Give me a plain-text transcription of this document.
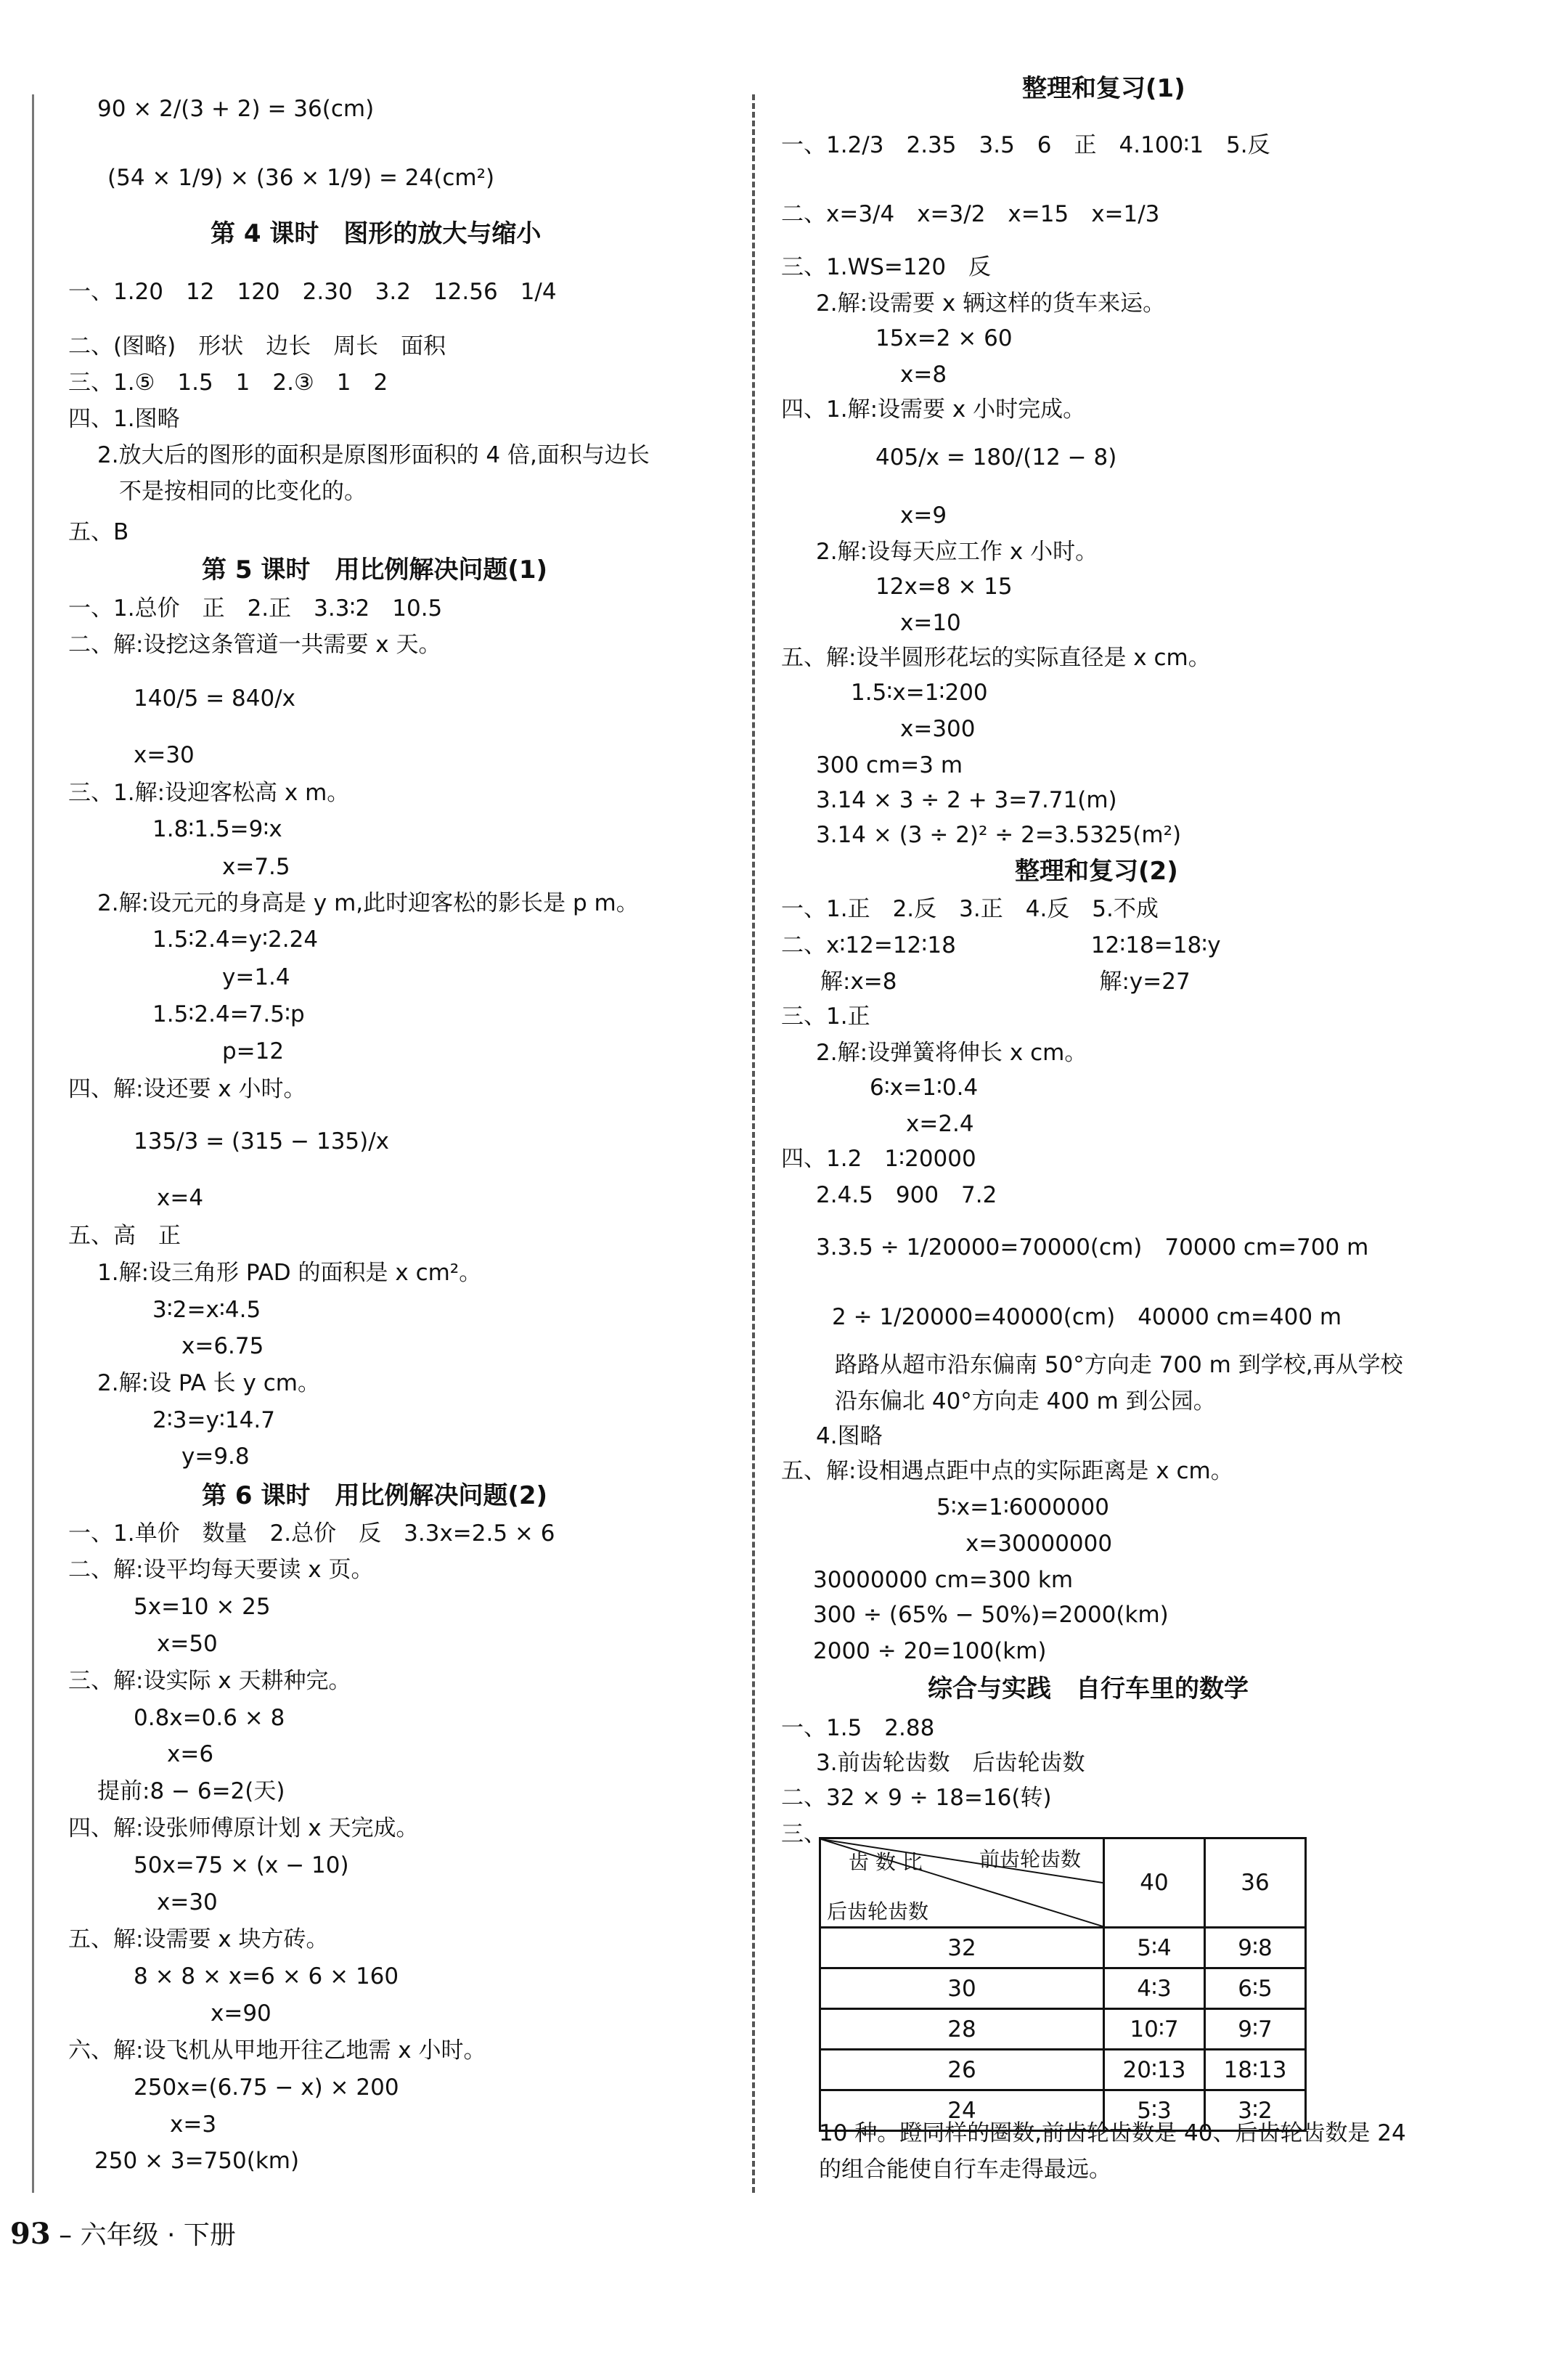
90 × 2/(3 + 2) = 36(cm)
(54 × 1/9) × (36 × 1/9) = 24(cm²)
第 4 课时　图形的放大与缩小
一、1.20　12　120　2.30　3.2　12.56　1/4
二、(图略)　形状　边长　周长　面积
三、1.⑤　1.5　1　2.③　1　2
四、1.图略
2.放大后的图形的面积是原图形面积的 4 倍,面积与边长
不是按相同的比变化的。
五、B
第 5 课时　用比例解决问题(1)
一、1.总价　正　2.正　3.3∶2　10.5
二、解:设挖这条管道一共需要 x 天。
140/5 = 840/x
x=30
三、1.解:设迎客松高 x m。
1.8∶1.5=9∶x
x=7.5
2.解:设元元的身高是 y m,此时迎客松的影长是 p m。
1.5∶2.4=y∶2.24
y=1.4
1.5∶2.4=7.5∶p
p=12
四、解:设还要 x 小时。
135/3 = (315 − 135)/x
x=4
五、高　正
1.解:设三角形 PAD 的面积是 x cm²。
3∶2=x∶4.5
x=6.75
2.解:设 PA 长 y cm。
2∶3=y∶14.7
y=9.8
第 6 课时　用比例解决问题(2)
一、1.单价　数量　2.总价　反　3.3x=2.5 × 6
二、解:设平均每天要读 x 页。
5x=10 × 25
x=50
三、解:设实际 x 天耕种完。
0.8x=0.6 × 8
x=6
提前:8 − 6=2(天)
四、解:设张师傅原计划 x 天完成。
50x=75 × (x − 10)
x=30
五、解:设需要 x 块方砖。
8 × 8 × x=6 × 6 × 160
x=90
六、解:设飞机从甲地开往乙地需 x 小时。
250x=(6.75 − x) × 200
x=3
250 × 3=750(km)
整理和复习(1)
一、1.2/3　2.35　3.5　6　正　4.100∶1　5.反
二、x=3/4　x=3/2　x=15　x=1/3
三、1.WS=120　反
2.解:设需要 x 辆这样的货车来运。
15x=2 × 60
x=8
四、1.解:设需要 x 小时完成。
405/x = 180/(12 − 8)
x=9
2.解:设每天应工作 x 小时。
12x=8 × 15
x=10
五、解:设半圆形花坛的实际直径是 x cm。
1.5∶x=1∶200
x=300
300 cm=3 m
3.14 × 3 ÷ 2 + 3=7.71(m)
3.14 × (3 ÷ 2)² ÷ 2=3.5325(m²)
整理和复习(2)
一、1.正　2.反　3.正　4.反　5.不成
二、x∶12=12∶18　　　　　　12∶18=18∶y
解:x=8　　　　　　　　　解:y=27
三、1.正
2.解:设弹簧将伸长 x cm。
6∶x=1∶0.4
x=2.4
四、1.2　1∶20000
2.4.5　900　7.2
3.3.5 ÷ 1/20000=70000(cm)　70000 cm=700 m
2 ÷ 1/20000=40000(cm)　40000 cm=400 m
路路从超市沿东偏南 50°方向走 700 m 到学校,再从学校
沿东偏北 40°方向走 400 m 到公园。
4.图略
五、解:设相遇点距中点的实际距离是 x cm。
5∶x=1∶6000000
x=30000000
30000000 cm=300 km
300 ÷ (65% − 50%)=2000(km)
2000 ÷ 20=100(km)
综合与实践　自行车里的数学
一、1.5　2.88
3.前齿轮齿数　后齿轮齿数
二、32 × 9 ÷ 18=16(转)
三、
10 种。蹬同样的圈数,前齿轮齿数是 40、后齿轮齿数是 24
的组合能使自行车走得最远。
齿 数 比 前齿轮齿数
后齿轮齿数	40	36
32	5∶4	9∶8
30	4∶3	6∶5
28	10∶7	9∶7
26	20∶13	18∶13
24	5∶3	3∶2
93 – 六年级 · 下册
